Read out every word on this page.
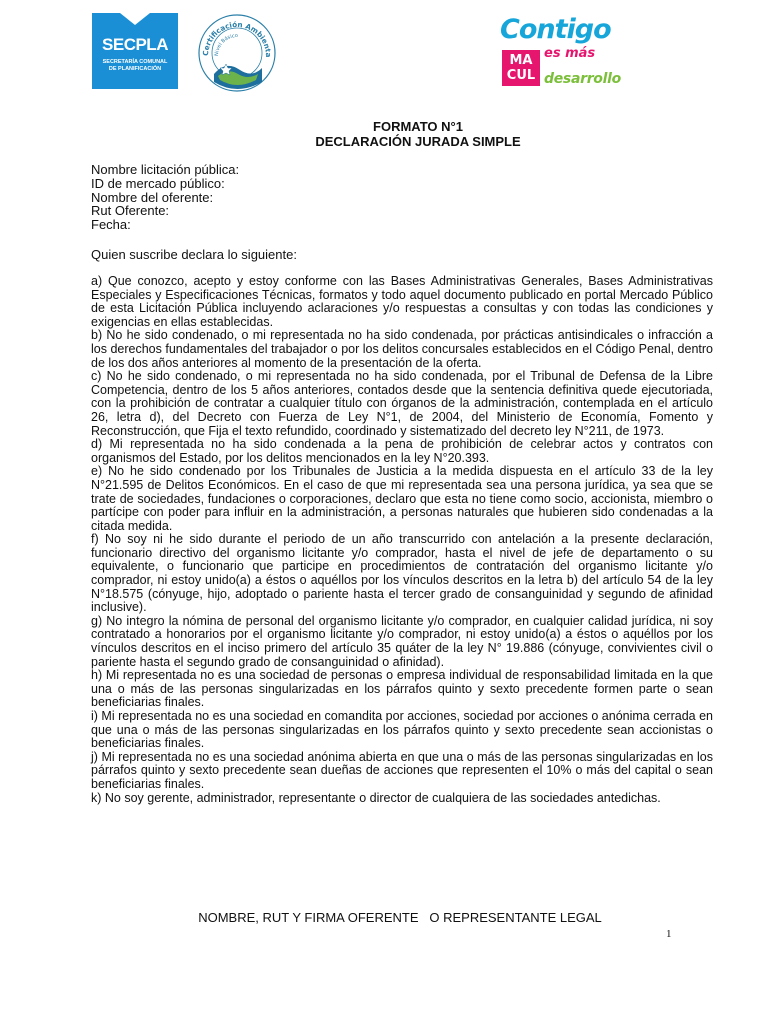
SECPLA
SECRETARÍA COMUNAL DE PLANIFICACIÓN
Certificación Ambienta
Nivel Básico	Contigo
MA CUL
es más
desarrollo
FORMATO N°1
DECLARACIÓN JURADA SIMPLE
Nombre licitación pública:
ID de mercado público:
Nombre del oferente:
Rut Oferente:
Fecha:
Quien suscribe declara lo siguiente:

a) Que conozco, acepto y estoy conforme con las Bases Administrativas Generales, Bases Administrativas Especiales y Especificaciones Técnicas, formatos y todo aquel documento publicado en portal Mercado Público de esta Licitación Pública incluyendo aclaraciones y/o respuestas a consultas y con todas las condiciones y exigencias en ellas establecidas.

b) No he sido condenado, o mi representada no ha sido condenada, por prácticas antisindicales o infracción a los derechos fundamentales del trabajador o por los delitos concursales establecidos en el Código Penal, dentro de los dos años anteriores al momento de la presentación de la oferta.

c) No he sido condenado, o mi representada no ha sido condenada, por el Tribunal de Defensa de la Libre Competencia, dentro de los 5 años anteriores, contados desde que la sentencia definitiva quede ejecutoriada, con la prohibición de contratar a cualquier título con órganos de la administración, contemplada en el artículo 26, letra d), del Decreto con Fuerza de Ley N°1, de 2004, del Ministerio de Economía, Fomento y Reconstrucción, que Fija el texto refundido, coordinado y sistematizado del decreto ley N°211, de 1973.

d) Mi representada no ha sido condenada a la pena de prohibición de celebrar actos y contratos con organismos del Estado, por los delitos mencionados en la ley N°20.393.

e) No he sido condenado por los Tribunales de Justicia a la medida dispuesta en el artículo 33 de la ley N°21.595 de Delitos Económicos. En el caso de que mi representada sea una persona jurídica, ya sea que se trate de sociedades, fundaciones o corporaciones, declaro que esta no tiene como socio, accionista, miembro o partícipe con poder para influir en la administración, a personas naturales que hubieren sido condenadas a la citada medida.

f) No soy ni he sido durante el periodo de un año transcurrido con antelación a la presente declaración, funcionario directivo del organismo licitante y/o comprador, hasta el nivel de jefe de departamento o su equivalente, o funcionario que participe en procedimientos de contratación del organismo licitante y/o comprador, ni estoy unido(a) a éstos o aquéllos por los vínculos descritos en la letra b) del artículo 54 de la ley N°18.575 (cónyuge, hijo, adoptado o pariente hasta el tercer grado de consanguinidad y segundo de afinidad inclusive).

g) No integro la nómina de personal del organismo licitante y/o comprador, en cualquier calidad jurídica, ni soy contratado a honorarios por el organismo licitante y/o comprador, ni estoy unido(a) a éstos o aquéllos por los vínculos descritos en el inciso primero del artículo 35 quáter de la ley N° 19.886 (cónyuge, convivientes civil o pariente hasta el segundo grado de consanguinidad o afinidad).

h) Mi representada no es una sociedad de personas o empresa individual de responsabilidad limitada en la que una o más de las personas singularizadas en los párrafos quinto y sexto precedente formen parte o sean beneficiarias finales.

i) Mi representada no es una sociedad en comandita por acciones, sociedad por acciones o anónima cerrada en que una o más de las personas singularizadas en los párrafos quinto y sexto precedente sean accionistas o beneficiarias finales.

j) Mi representada no es una sociedad anónima abierta en que una o más de las personas singularizadas en los párrafos quinto y sexto precedente sean dueñas de acciones que representen el 10% o más del capital o sean beneficiarias finales.

k) No soy gerente, administrador, representante o director de cualquiera de las sociedades antedichas.

NOMBRE, RUT Y FIRMA OFERENTE   O REPRESENTANTE LEGAL
1
